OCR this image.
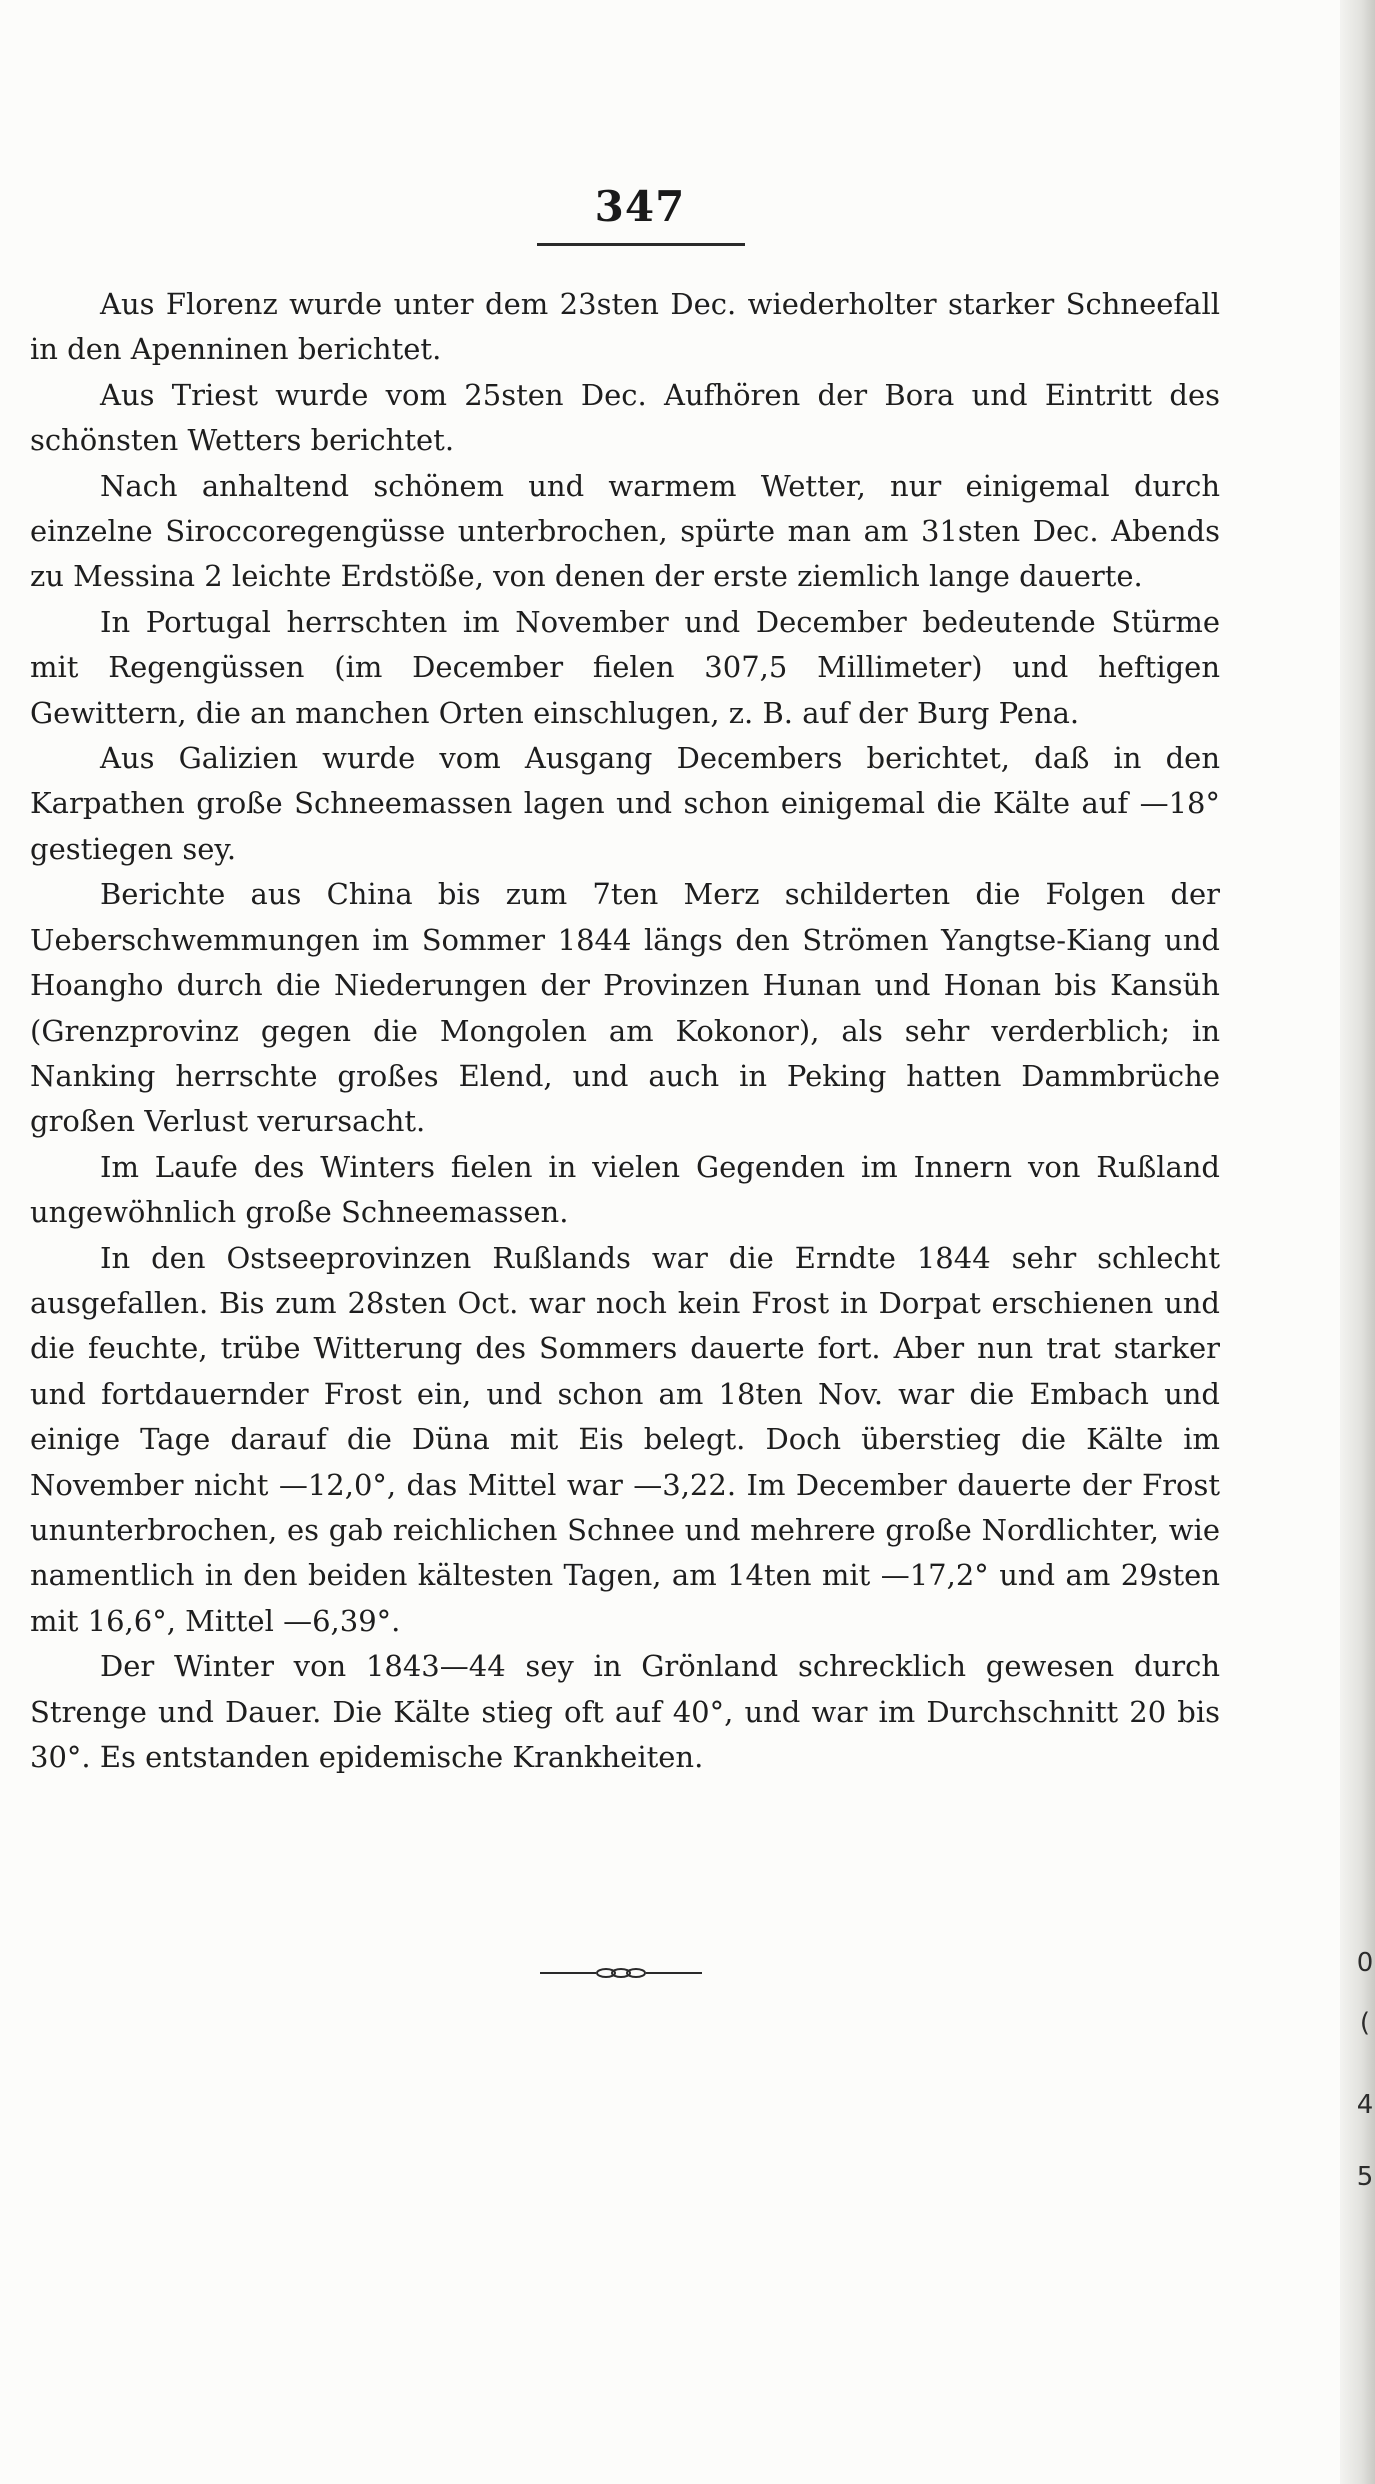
347

Aus Florenz wurde unter dem 23sten Dec. wiederholter starker Schneefall in den Apenninen berichtet.

Aus Triest wurde vom 25sten Dec. Aufhören der Bora und Eintritt des schönsten Wetters berichtet.

Nach anhaltend schönem und warmem Wetter, nur einigemal durch einzelne Siroccoregengüsse unterbrochen, spürte man am 31sten Dec. Abends zu Messina 2 leichte Erdstöße, von denen der erste ziemlich lange dauerte.

In Portugal herrschten im November und December bedeutende Stürme mit Regengüssen (im December fielen 307,5 Millimeter) und heftigen Gewittern, die an manchen Orten einschlugen, z. B. auf der Burg Pena.

Aus Galizien wurde vom Ausgang Decembers berichtet, daß in den Karpathen große Schneemassen lagen und schon einigemal die Kälte auf —18° gestiegen sey.

Berichte aus China bis zum 7ten Merz schilderten die Folgen der Ueberschwemmungen im Sommer 1844 längs den Strömen Yangtse-Kiang und Hoangho durch die Niederungen der Provinzen Hunan und Honan bis Kansüh (Grenzprovinz gegen die Mongolen am Kokonor), als sehr verderblich; in Nanking herrschte großes Elend, und auch in Peking hatten Dammbrüche großen Verlust verursacht.

Im Laufe des Winters fielen in vielen Gegenden im Innern von Rußland ungewöhnlich große Schneemassen.

In den Ostseeprovinzen Rußlands war die Erndte 1844 sehr schlecht ausgefallen. Bis zum 28sten Oct. war noch kein Frost in Dorpat erschienen und die feuchte, trübe Witterung des Sommers dauerte fort. Aber nun trat starker und fortdauernder Frost ein, und schon am 18ten Nov. war die Embach und einige Tage darauf die Düna mit Eis belegt. Doch überstieg die Kälte im November nicht —12,0°, das Mittel war —3,22. Im December dauerte der Frost ununterbrochen, es gab reichlichen Schnee und mehrere große Nordlichter, wie namentlich in den beiden kältesten Tagen, am 14ten mit —17,2° und am 29sten mit 16,6°, Mittel —6,39°.

Der Winter von 1843—44 sey in Grönland schrecklich gewesen durch Strenge und Dauer. Die Kälte stieg oft auf 40°, und war im Durchschnitt 20 bis 30°. Es entstanden epidemische Krankheiten.

0
(
4
5
